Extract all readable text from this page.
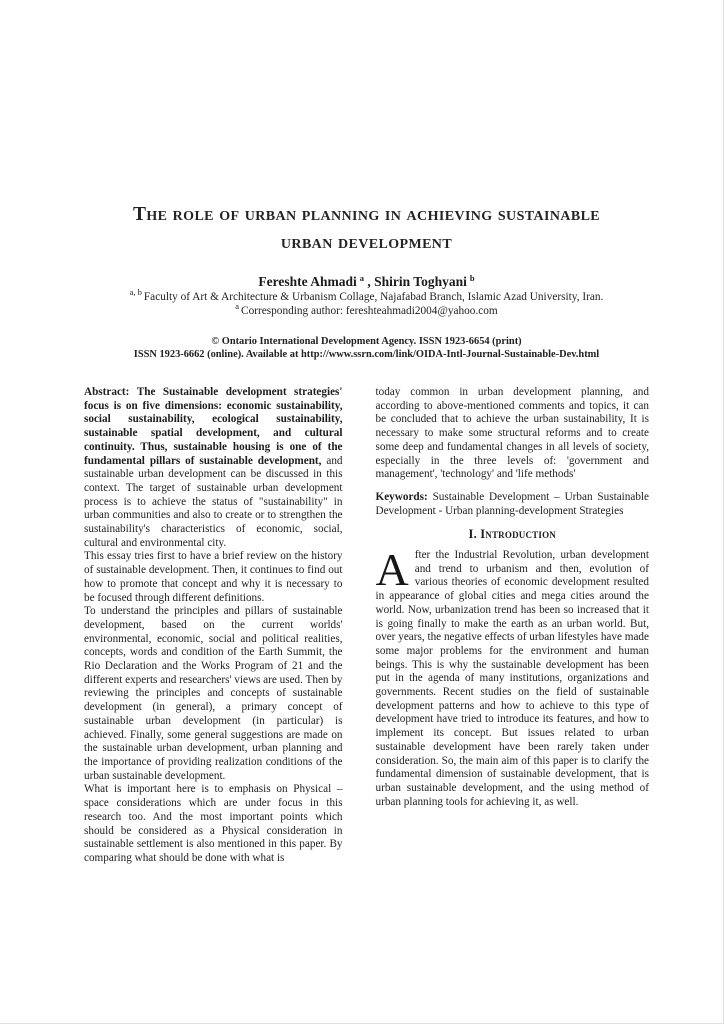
The role of urban planning in achieving sustainable
urban development
Fereshte Ahmadi $^a$ , Shirin Toghyani $^b$
$^{a, b}$ Faculty of Art & Architecture & Urbanism Collage, Najafabad Branch, Islamic Azad University, Iran.
$^a$ Corresponding author: fereshteahmadi2004@yahoo.com
© Ontario International Development Agency. ISSN 1923-6654 (print)
ISSN 1923-6662 (online). Available at http://www.ssrn.com/link/OIDA-Intl-Journal-Sustainable-Dev.html

Abstract: The Sustainable development strategies' focus is on five dimensions: economic sustainability, social sustainability, ecological sustainability, sustainable spatial development, and cultural continuity. Thus, sustainable housing is one of the fundamental pillars of sustainable development, and sustainable urban development can be discussed in this context. The target of sustainable urban development process is to achieve the status of "sustainability" in urban communities and also to create or to strengthen the sustainability's characteristics of economic, social, cultural and environmental city.

This essay tries first to have a brief review on the history of sustainable development. Then, it continues to find out how to promote that concept and why it is necessary to be focused through different definitions.

To understand the principles and pillars of sustainable development, based on the current worlds' environmental, economic, social and political realities, concepts, words and condition of the Earth Summit, the Rio Declaration and the Works Program of 21 and the different experts and researchers' views are used. Then by reviewing the principles and concepts of sustainable development (in general), a primary concept of sustainable urban development (in particular) is achieved. Finally, some general suggestions are made on the sustainable urban development, urban planning and the importance of providing realization conditions of the urban sustainable development.

What is important here is to emphasis on Physical – space considerations which are under focus in this research too. And the most important points which should be considered as a Physical consideration in sustainable settlement is also mentioned in this paper. By comparing what should be done with what is

today common in urban development planning, and according to above-mentioned comments and topics, it can be concluded that to achieve the urban sustainability, It is necessary to make some structural reforms and to create some deep and fundamental changes in all levels of society, especially in the three levels of: 'government and management', 'technology' and 'life methods'

Keywords: Sustainable Development – Urban Sustainable Development - Urban planning-development Strategies

I. Introduction

After the Industrial Revolution, urban development and trend to urbanism and then, evolution of various theories of economic development resulted in appearance of global cities and mega cities around the world. Now, urbanization trend has been so increased that it is going finally to make the earth as an urban world. But, over years, the negative effects of urban lifestyles have made some major problems for the environment and human beings. This is why the sustainable development has been put in the agenda of many institutions, organizations and governments. Recent studies on the field of sustainable development patterns and how to achieve to this type of development have tried to introduce its features, and how to implement its concept. But issues related to urban sustainable development have been rarely taken under consideration. So, the main aim of this paper is to clarify the fundamental dimension of sustainable development, that is urban sustainable development, and the using method of urban planning tools for achieving it, as well.
